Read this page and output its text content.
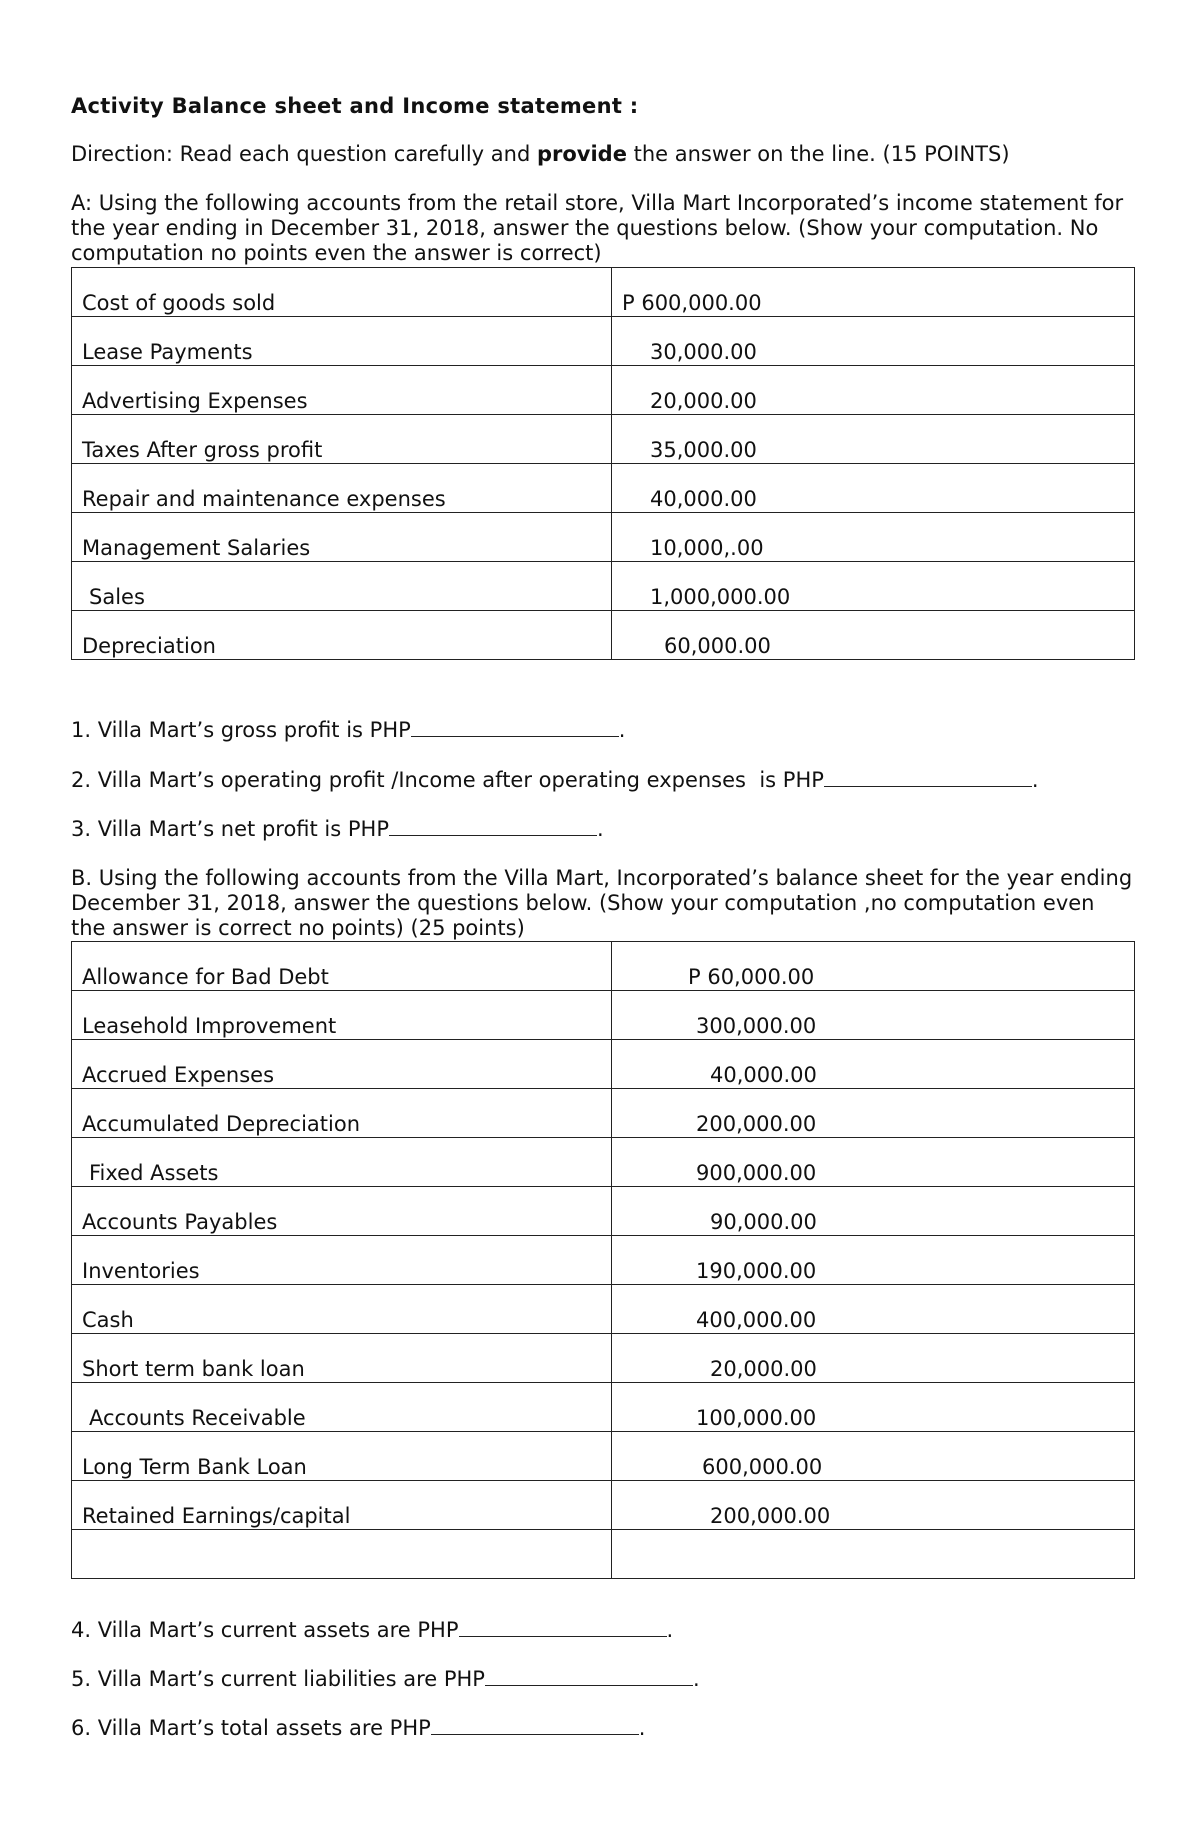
Activity Balance sheet and Income statement :
Direction: Read each question carefully and provide the answer on the line. (15 POINTS)
A: Using the following accounts from the retail store, Villa Mart Incorporated’s income statement for the year ending in December 31, 2018, answer the questions below. (Show your computation. No computation no points even the answer is correct)
Cost of goods sold	P 600,000.00
Lease Payments	30,000.00
Advertising Expenses	20,000.00
Taxes After gross profit	35,000.00
Repair and maintenance expenses	40,000.00
Management Salaries	10,000,.00
Sales	1,000,000.00
Depreciation	60,000.00
1. Villa Mart’s gross profit is PHP	.
2. Villa Mart’s operating profit /Income after operating expenses  is PHP	.
3. Villa Mart’s net profit is PHP	.
B. Using the following accounts from the Villa Mart, Incorporated’s balance sheet for the year ending December 31, 2018, answer the questions below. (Show your computation ,no computation even the answer is correct no points) (25 points)
Allowance for Bad Debt	P 60,000.00
Leasehold Improvement	300,000.00
Accrued Expenses	40,000.00
Accumulated Depreciation	200,000.00
Fixed Assets	900,000.00
Accounts Payables	90,000.00
Inventories	190,000.00
Cash	400,000.00
Short term bank loan	20,000.00
Accounts Receivable	100,000.00
Long Term Bank Loan	600,000.00
Retained Earnings/capital	200,000.00

4. Villa Mart’s current assets are PHP	.
5. Villa Mart’s current liabilities are PHP	.
6. Villa Mart’s total assets are PHP	.
